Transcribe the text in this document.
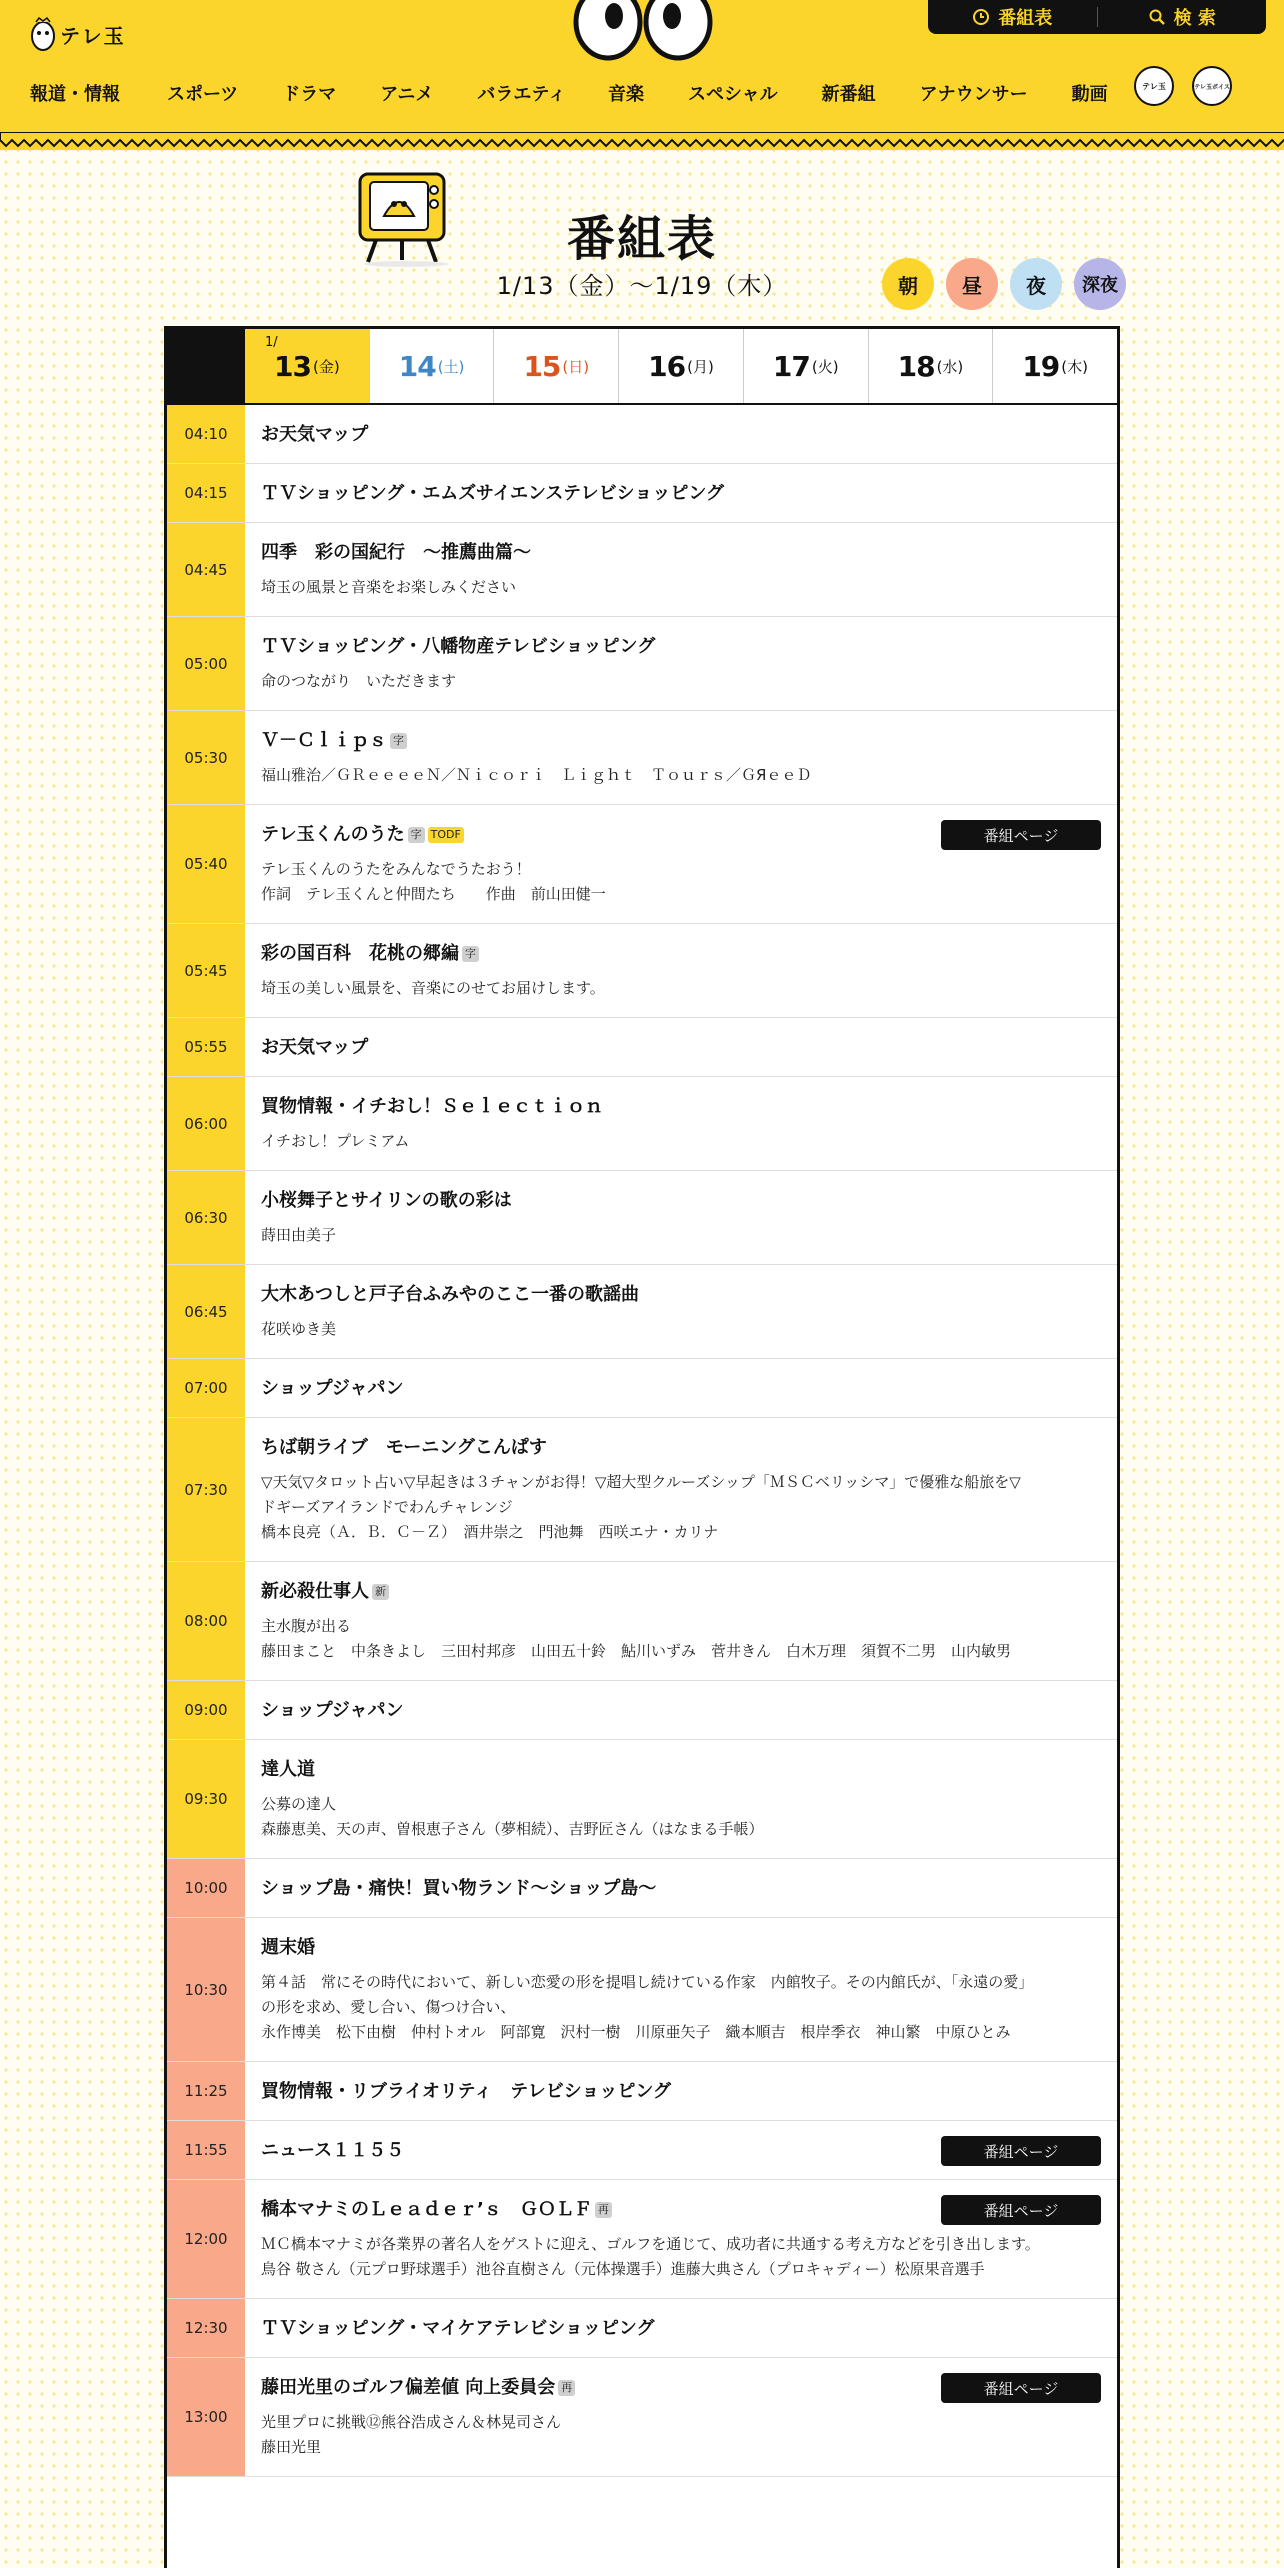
テレ玉
番組表	検 索
報道・情報	スポーツ ドラマ アニメ バラエティ 音楽 スペシャル 新番組 アナウンサー 動画	テレ玉	テレ玉ボイス
番組表
1/13（金）〜1/19（木）	朝	昼	夜	深夜
1/
13 (金) 14 (土) 15 (日) 16 (月) 17 (火) 18 (水) 19 (木)
04:10	お天気マップ
04:15	ＴＶショッピング・エムズサイエンステレビショッピング
04:45
四季　彩の国紀行　～推薦曲篇～
埼玉の風景と音楽をお楽しみください
05:00
ＴＶショッピング・八幡物産テレビショッピング
命のつながり　いただきます
05:30
Ｖ－Ｃｌｉｐｓ 字
福山雅治／ＧＲｅｅｅｅＮ／Ｎｉｃｏｒｉ　Ｌｉｇｈｔ　Ｔｏｕｒｓ／ＧЯｅｅＤ
05:40
テレ玉くんのうた 字 TODF
テレ玉くんのうたをみんなでうたおう！
作詞　テレ玉くんと仲間たち　　作曲　前山田健一
番組ページ
05:45
彩の国百科　花桃の郷編 字
埼玉の美しい風景を、音楽にのせてお届けします。
05:55	お天気マップ
06:00
買物情報・イチおし！Ｓｅｌｅｃｔｉｏｎ
イチおし！プレミアム
06:30
小桜舞子とサイリンの歌の彩は
蒔田由美子
06:45
大木あつしと戸子台ふみやのここ一番の歌謡曲
花咲ゆき美
07:00	ショップジャパン
07:30
ちば朝ライブ　モーニングこんぱす
▽天気▽タロット占い▽早起きは３チャンがお得！▽超大型クルーズシップ「ＭＳＣベリッシマ」で優雅な船旅を▽
ドギーズアイランドでわんチャレンジ
橋本良亮（Ａ．Ｂ．Ｃ－Ｚ）　酒井崇之　門池舞　西咲エナ・カリナ
08:00
新必殺仕事人 新
主水腹が出る
藤田まこと　中条きよし　三田村邦彦　山田五十鈴　鮎川いずみ　菅井きん　白木万理　須賀不二男　山内敏男
09:00	ショップジャパン
09:30
達人道
公募の達人
森藤恵美、天の声、曽根恵子さん（夢相続）、吉野匠さん（はなまる手帳）
10:00	ショップ島・痛快！買い物ランド～ショップ島～
10:30
週末婚
第４話　常にその時代において、新しい恋愛の形を提唱し続けている作家　内館牧子。その内館氏が、「永遠の愛」
の形を求め、愛し合い、傷つけ合い、
永作博美　松下由樹　仲村トオル　阿部寛　沢村一樹　川原亜矢子　織本順吉　根岸季衣　神山繁　中原ひとみ
11:25	買物情報・リブライオリティ　テレビショッピング
11:55	ニュース１１５５	番組ページ
12:00
橋本マナミのＬｅａｄｅｒ’ｓ　ＧＯＬＦ 再
ＭＣ橋本マナミが各業界の著名人をゲストに迎え、ゴルフを通じて、成功者に共通する考え方などを引き出します。
鳥谷 敬さん（元プロ野球選手）池谷直樹さん（元体操選手）進藤大典さん（プロキャディー）松原果音選手
番組ページ
12:30	ＴＶショッピング・マイケアテレビショッピング
13:00
藤田光里のゴルフ偏差値 向上委員会 再
光里プロに挑戦⑫熊谷浩成さん＆林晃司さん
藤田光里
番組ページ
